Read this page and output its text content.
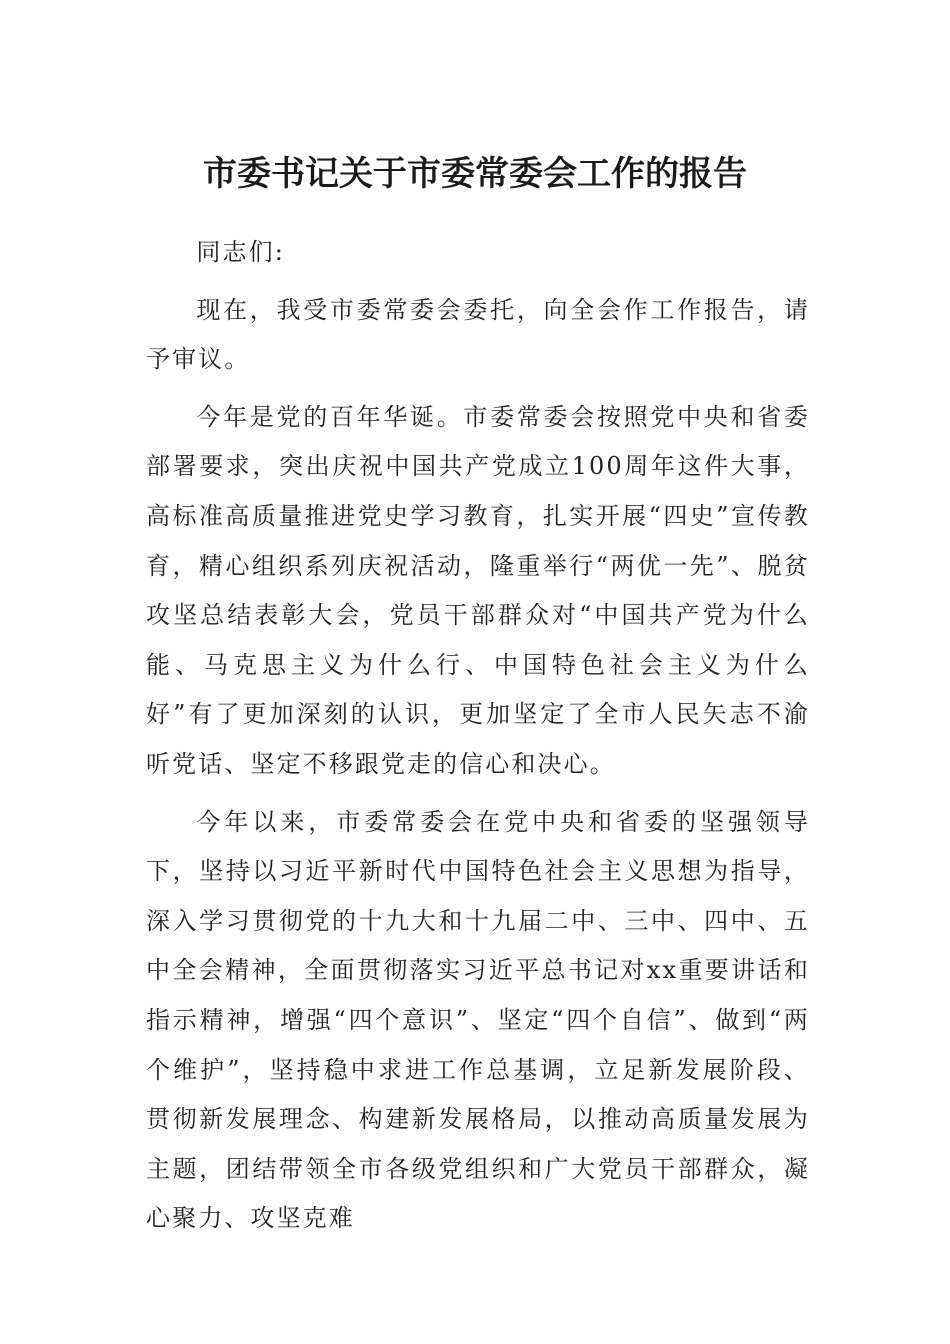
市委书记关于市委常委会工作的报告

同志们:

现在，我受市委常委会委托，向全会作工作报告，请予审议。

今年是党的百年华诞。市委常委会按照党中央和省委部署要求，突出庆祝中国共产党成立100周年这件大事，高标准高质量推进党史学习教育，扎实开展“四史”宣传教育，精心组织系列庆祝活动，隆重举行“两优一先”、脱贫攻坚总结表彰大会，党员干部群众对“中国共产党为什么能、马克思主义为什么行、中国特色社会主义为什么好”有了更加深刻的认识，更加坚定了全市人民矢志不渝听党话、坚定不移跟党走的信心和决心。

今年以来，市委常委会在党中央和省委的坚强领导下，坚持以习近平新时代中国特色社会主义思想为指导，深入学习贯彻党的十九大和十九届二中、三中、四中、五中全会精神，全面贯彻落实习近平总书记对xx重要讲话和指示精神，增强“四个意识”、坚定“四个自信”、做到“两个维护”，坚持稳中求进工作总基调，立足新发展阶段、贯彻新发展理念、构建新发展格局，以推动高质量发展为主题，团结带领全市各级党组织和广大党员干部群众，凝心聚力、攻坚克难
